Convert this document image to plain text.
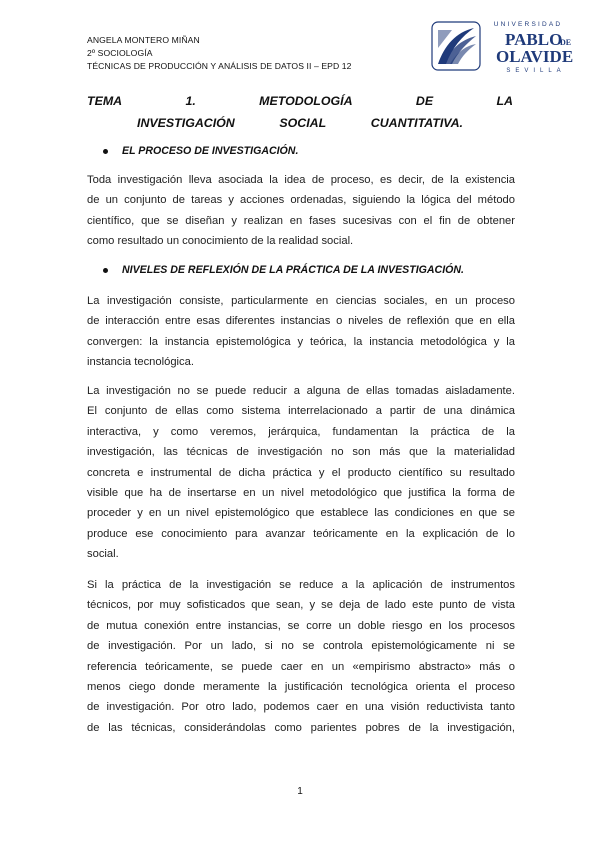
ANGELA MONTERO MIÑAN
2º SOCIOLOGÍA
TÉCNICAS DE PRODUCCIÓN Y ANÁLISIS DE DATOS II – EPD 12
UNIVERSIDAD
PABLO
DE
OLAVIDE
SEVILLA
TEMA	1.	METODOLOGÍA	DE	LA
INVESTIGACIÓN	SOCIAL	CUANTITATIVA.
EL PROCESO DE INVESTIGACIÓN.
Toda investigación lleva asociada la idea de proceso, es decir, de la existencia
de un conjunto de tareas y acciones ordenadas, siguiendo la lógica del método
científico, que se diseñan y realizan en fases sucesivas con el fin de obtener
como resultado un conocimiento de la realidad social.
NIVELES DE REFLEXIÓN DE LA PRÁCTICA DE LA INVESTIGACIÓN.
La investigación consiste, particularmente en ciencias sociales, en un proceso
de interacción entre esas diferentes instancias o niveles de reflexión que en ella
convergen: la instancia epistemológica y teórica, la instancia metodológica y la
instancia tecnológica.
La investigación no se puede reducir a alguna de ellas tomadas aisladamente.
El conjunto de ellas como sistema interrelacionado a partir de una dinámica
interactiva, y como veremos, jerárquica, fundamentan la práctica de la
investigación, las técnicas de investigación no son más que la materialidad
concreta e instrumental de dicha práctica y el producto científico su resultado
visible que ha de insertarse en un nivel metodológico que justifica la forma de
proceder y en un nivel epistemológico que establece las condiciones en que se
produce ese conocimiento para avanzar teóricamente en la explicación de lo
social.
Si la práctica de la investigación se reduce a la aplicación de instrumentos
técnicos, por muy sofisticados que sean, y se deja de lado este punto de vista
de mutua conexión entre instancias, se corre un doble riesgo en los procesos
de investigación. Por un lado, si no se controla epistemológicamente ni se
referencia teóricamente, se puede caer en un «empirismo abstracto» más o
menos ciego donde meramente la justificación tecnológica orienta el proceso
de investigación. Por otro lado, podemos caer en una visión reductivista tanto
de las técnicas, considerándolas como parientes pobres de la investigación,
1
